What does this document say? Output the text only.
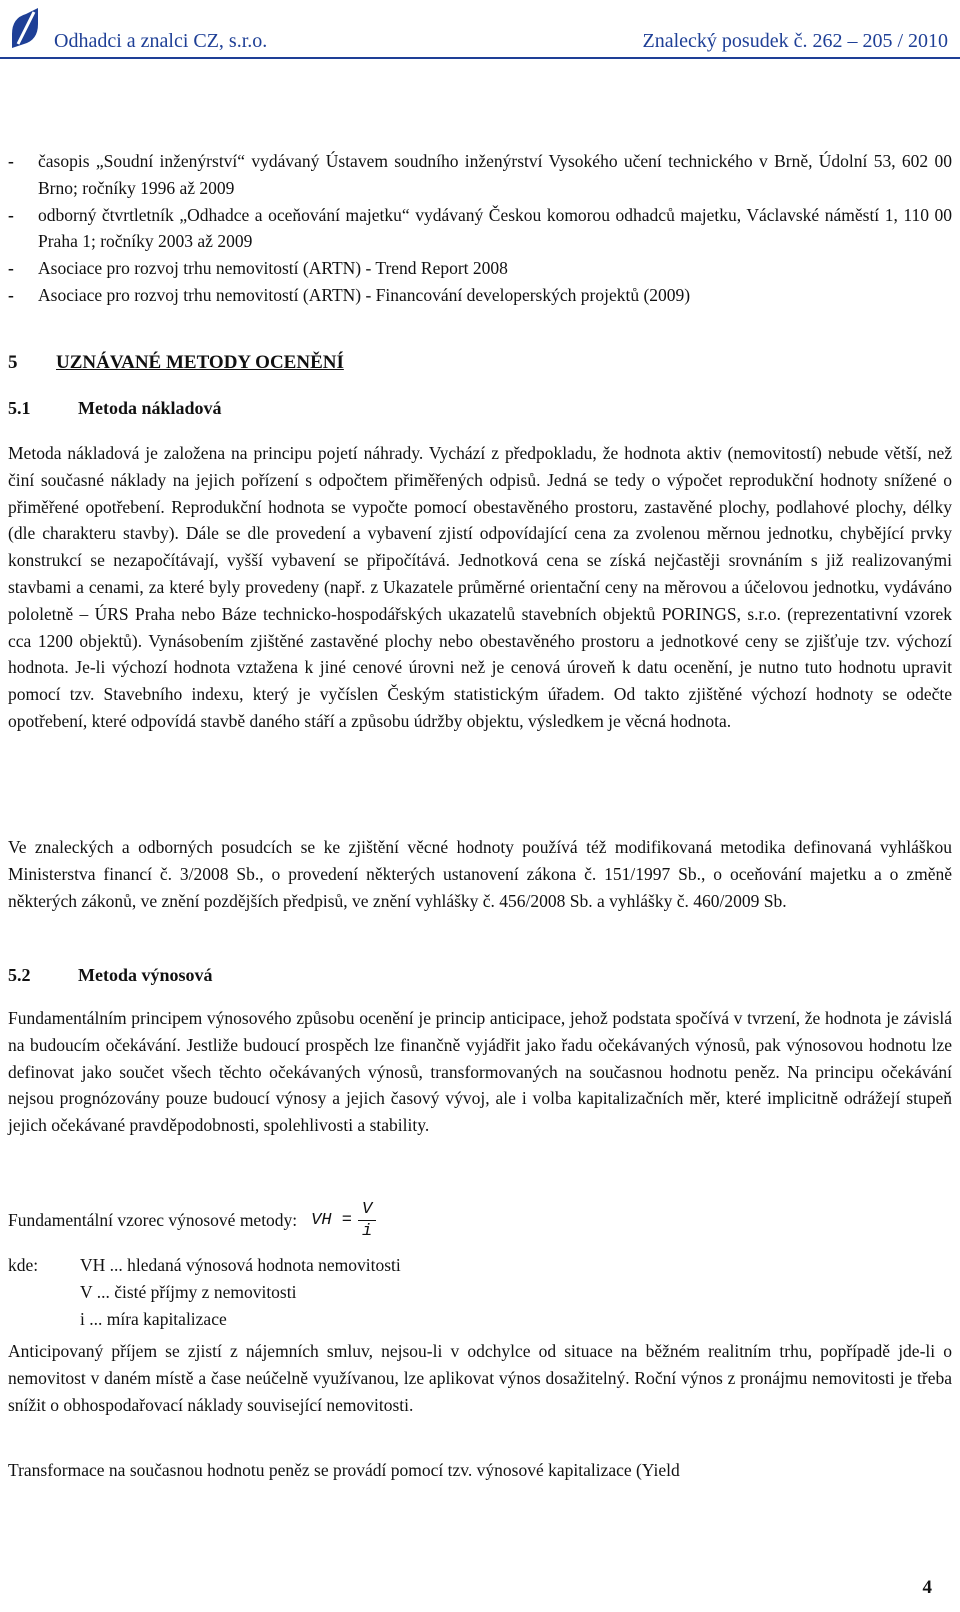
Odhadci a znalci CZ, s.r.o.	Znalecký posudek č. 262 – 205 / 2010
-	časopis „Soudní inženýrství“ vydávaný Ústavem soudního inženýrství Vysokého učení technického v Brně, Údolní 53, 602 00 Brno; ročníky 1996 až 2009
-	odborný čtvrtletník „Odhadce a oceňování majetku“ vydávaný Českou komorou odhadců majetku, Václavské náměstí 1, 110 00 Praha 1; ročníky 2003 až 2009
-	Asociace pro rozvoj trhu nemovitostí (ARTN) - Trend Report 2008
-	Asociace pro rozvoj trhu nemovitostí (ARTN) - Financování developerských projektů (2009)
5 UZNÁVANÉ METODY OCENĚNÍ
5.1	Metoda nákladová
Metoda nákladová je založena na principu pojetí náhrady. Vychází z předpokladu, že hodnota aktiv (nemovitostí) nebude větší, než činí současné náklady na jejich pořízení s odpočtem přiměřených odpisů. Jedná se tedy o výpočet reprodukční hodnoty snížené o přiměřené opotřebení. Reprodukční hodnota se vypočte pomocí obestavěného prostoru, zastavěné plochy, podlahové plochy, délky (dle charakteru stavby). Dále se dle provedení a vybavení zjistí odpovídající cena za zvolenou měrnou jednotku, chybějící prvky konstrukcí se nezapočítávají, vyšší vybavení se připočítává. Jednotková cena se získá nejčastěji srovnáním s již realizovanými stavbami a cenami, za které byly provedeny (např. z Ukazatele průměrné orientační ceny na měrovou a účelovou jednotku, vydáváno pololetně – ÚRS Praha nebo Báze technicko-hospodářských ukazatelů stavebních objektů PORINGS, s.r.o. (reprezentativní vzorek cca 1200 objektů). Vynásobením zjištěné zastavěné plochy nebo obestavěného prostoru a jednotkové ceny se zjišťuje tzv. výchozí hodnota. Je-li výchozí hodnota vztažena k jiné cenové úrovni než je cenová úroveň k datu ocenění, je nutno tuto hodnotu upravit pomocí tzv. Stavebního indexu, který je vyčíslen Českým statistickým úřadem. Od takto zjištěné výchozí hodnoty se odečte opotřebení, které odpovídá stavbě daného stáří a způsobu údržby objektu, výsledkem je věcná hodnota.
Ve znaleckých a odborných posudcích se ke zjištění věcné hodnoty používá též modifikovaná metodika definovaná vyhláškou Ministerstva financí č. 3/2008 Sb., o provedení některých ustanovení zákona č. 151/1997 Sb., o oceňování majetku a o změně některých zákonů, ve znění pozdějších předpisů, ve znění vyhlášky č. 456/2008 Sb. a vyhlášky č. 460/2009 Sb.
5.2	Metoda výnosová
Fundamentálním principem výnosového způsobu ocenění je princip anticipace, jehož podstata spočívá v tvrzení, že hodnota je závislá na budoucím očekávání. Jestliže budoucí prospěch lze finančně vyjádřit jako řadu očekávaných výnosů, pak výnosovou hodnotu lze definovat jako součet všech těchto očekávaných výnosů, transformovaných na současnou hodnotu peněz. Na principu očekávání nejsou prognózovány pouze budoucí výnosy a jejich časový vývoj, ale i volba kapitalizačních měr, které implicitně odrážejí stupeň jejich očekávané pravděpodobnosti, spolehlivosti a stability.
Fundamentální vzorec výnosové metody: VH = $\frac{V}{i}$
kde:	VH ... hledaná výnosová hodnota nemovitosti
V ... čisté příjmy z nemovitosti
i ... míra kapitalizace
Anticipovaný příjem se zjistí z nájemních smluv, nejsou-li v odchylce od situace na běžném realitním trhu, popřípadě jde-li o nemovitost v daném místě a čase neúčelně využívanou, lze aplikovat výnos dosažitelný. Roční výnos z pronájmu nemovitosti je třeba snížit o obhospodařovací náklady související nemovitosti.
Transformace na současnou hodnotu peněz se provádí pomocí tzv. výnosové kapitalizace (Yield
4
